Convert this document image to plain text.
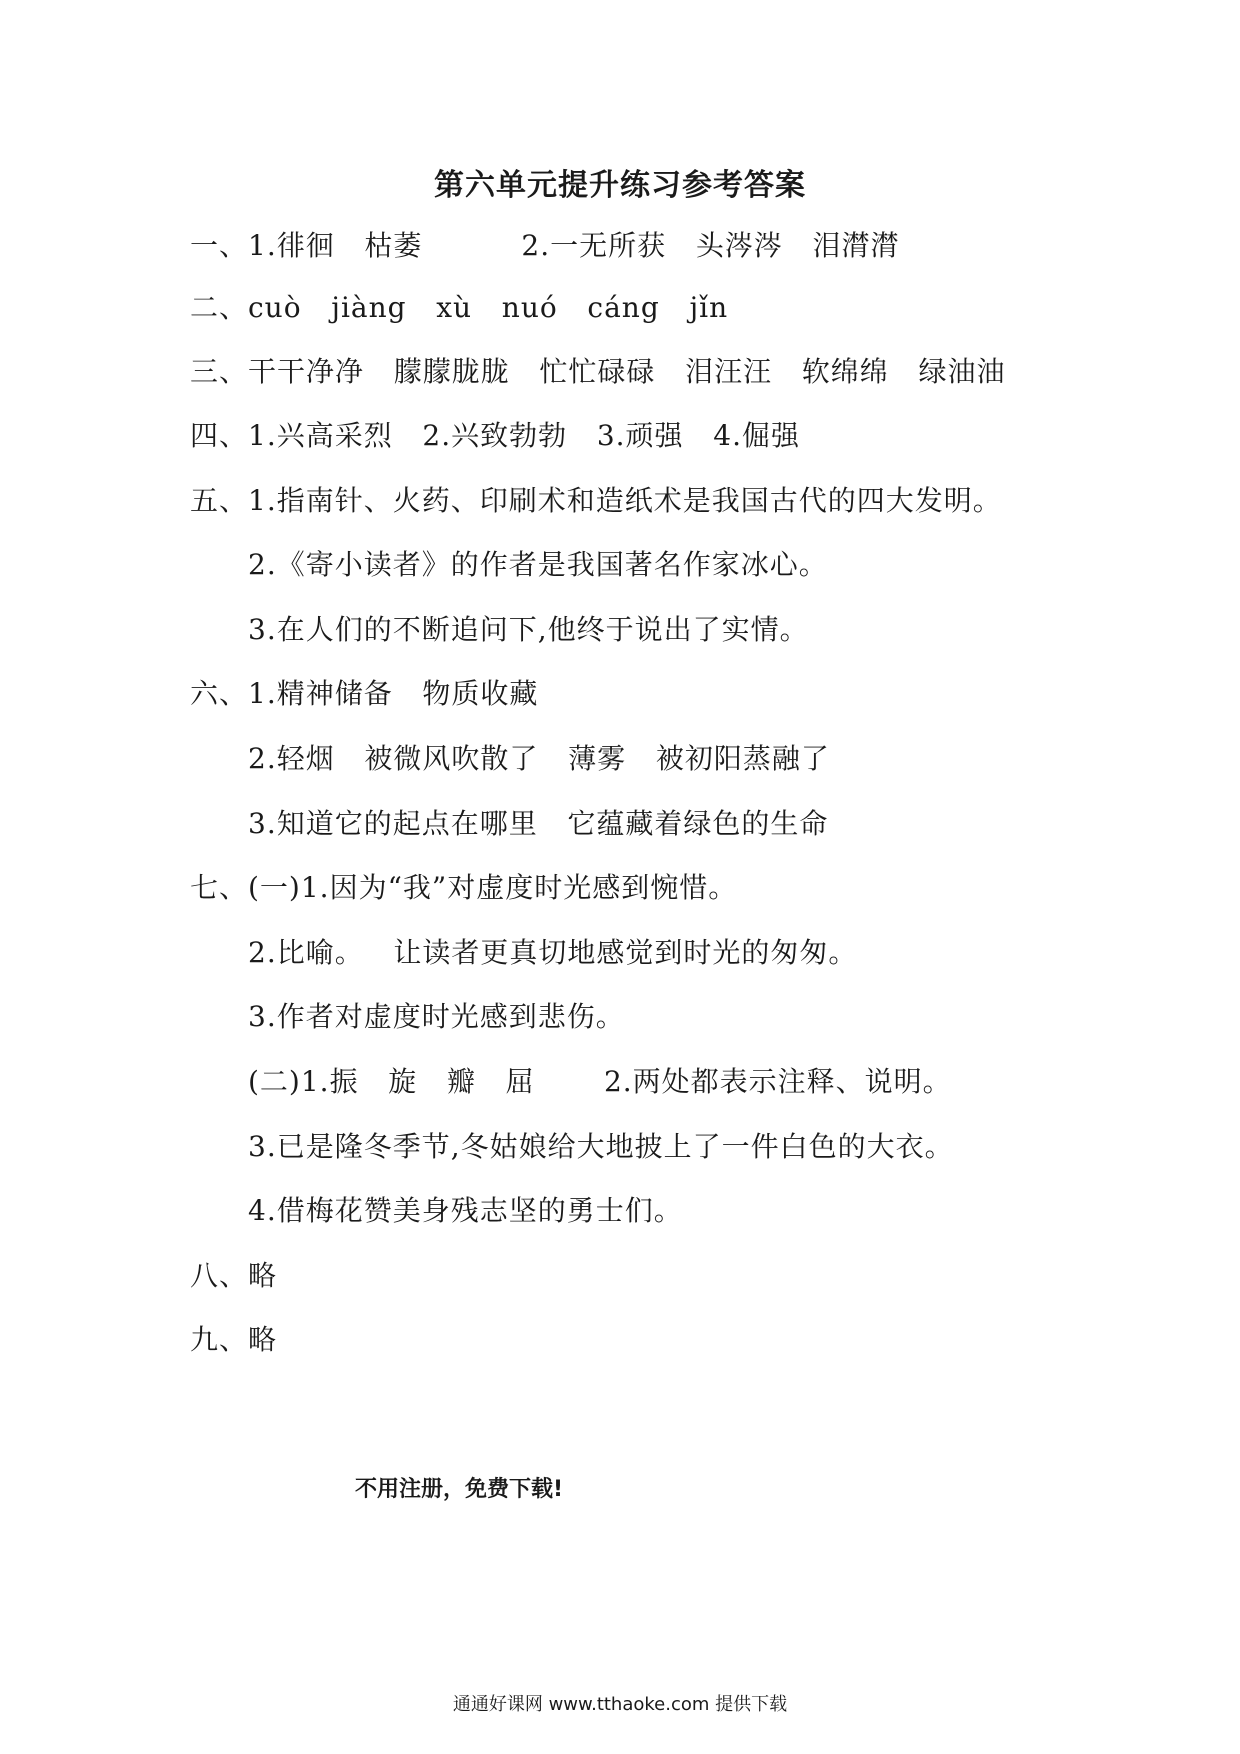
第六单元提升练习参考答案
一、1.徘徊   枯萎          2.一无所获   头涔涔   泪潸潸
二、cuò   jiàng   xù   nuó   cáng   jǐn
三、干干净净   朦朦胧胧   忙忙碌碌   泪汪汪   软绵绵   绿油油
四、1.兴高采烈   2.兴致勃勃   3.顽强   4.倔强
五、1.指南针、火药、印刷术和造纸术是我国古代的四大发明。
2.《寄小读者》的作者是我国著名作家冰心。
3.在人们的不断追问下,他终于说出了实情。
六、1.精神储备   物质收藏
2.轻烟   被微风吹散了   薄雾   被初阳蒸融了
3.知道它的起点在哪里   它蕴藏着绿色的生命
七、(一)1.因为“我”对虚度时光感到惋惜。
2.比喻。   让读者更真切地感觉到时光的匆匆。
3.作者对虚度时光感到悲伤。
(二)1.振   旋   瓣   屈       2.两处都表示注释、说明。
3.已是隆冬季节,冬姑娘给大地披上了一件白色的大衣。
4.借梅花赞美身残志坚的勇士们。
八、略
九、略
不用注册，免费下载!
通通好课网 www.tthaoke.com 提供下载
